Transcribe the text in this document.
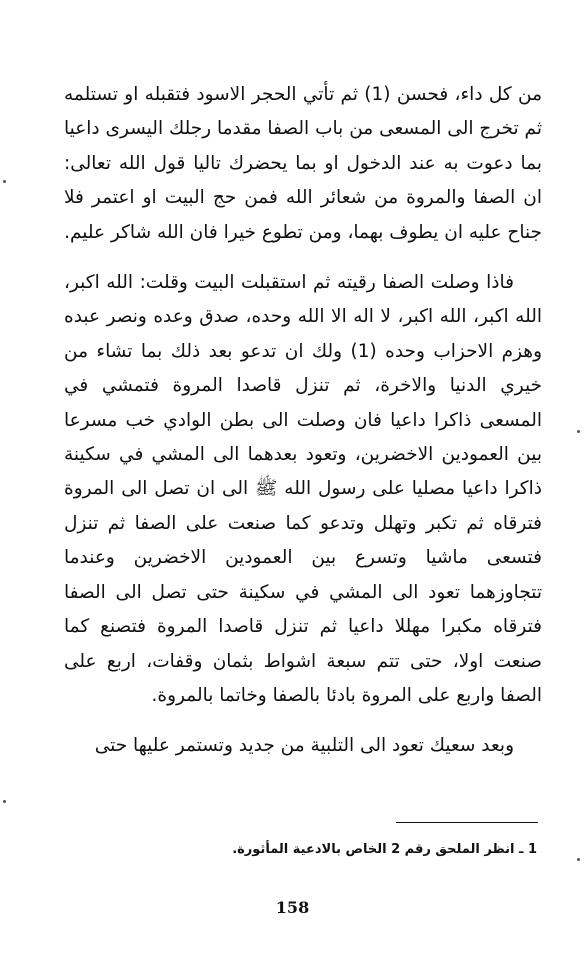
من كل داء، فحسن (1) ثم تأتي الحجر الاسود فتقبله او تستلمه ثم تخرج الى المسعى من باب الصفا مقدما رجلك اليسرى داعيا بما دعوت به عند الدخول او بما يحضرك تاليا قول الله تعالى: ان الصفا والمروة من شعائر الله فمن حج البيت او اعتمر فلا جناح عليه ان يطوف بهما، ومن تطوع خيرا فان الله شاكر عليم.

فاذا وصلت الصفا رقيته ثم استقبلت البيت وقلت: الله اكبر، الله اكبر، الله اكبر، لا اله الا الله وحده، صدق وعده ونصر عبده وهزم الاحزاب وحده (1) ولك ان تدعو بعد ذلك بما تشاء من خيري الدنيا والاخرة، ثم تنزل قاصدا المروة فتمشي في المسعى ذاكرا داعيا فان وصلت الى بطن الوادي خب مسرعا بين العمودين الاخضرين، وتعود بعدهما الى المشي في سكينة ذاكرا داعيا مصليا على رسول الله ﷺ الى ان تصل الى المروة فترقاه ثم تكبر وتهلل وتدعو كما صنعت على الصفا ثم تنزل فتسعى ماشيا وتسرع بين العمودين الاخضرين وعندما تتجاوزهما تعود الى المشي في سكينة حتى تصل الى الصفا فترقاه مكبرا مهللا داعيا ثم تنزل قاصدا المروة فتصنع كما صنعت اولا، حتى تتم سبعة اشواط بثمان وقفات، اربع على الصفا واربع على المروة بادئا بالصفا وخاتما بالمروة.

وبعد سعيك تعود الى التلبية من جديد وتستمر عليها حتى

1 ـ انظر الملحق رقم 2 الخاص بالادعية المأثورة.
158
